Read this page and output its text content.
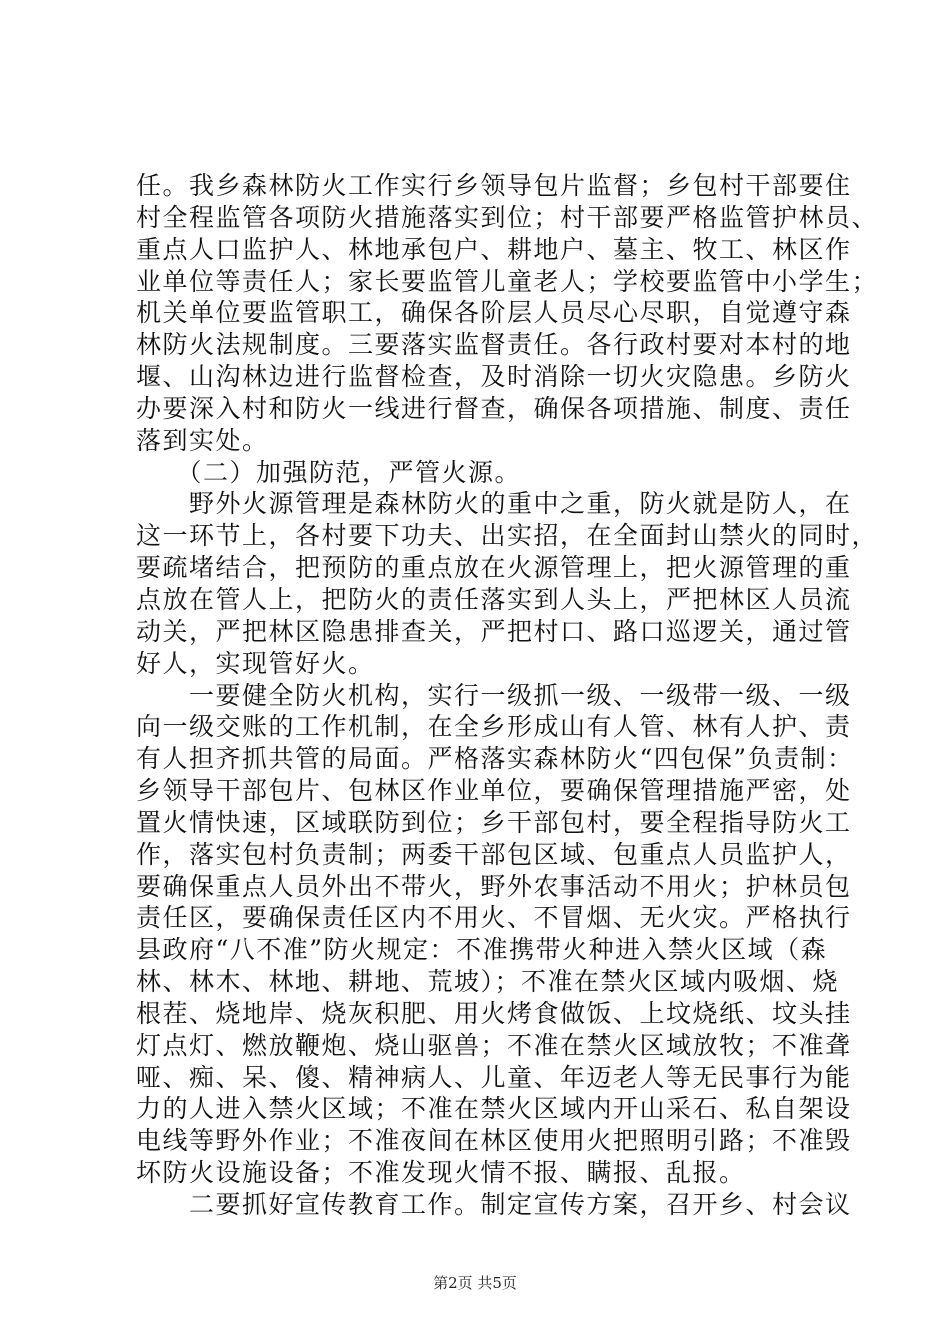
任。我乡森林防火工作实行乡领导包片监督；乡包村干部要住
村全程监管各项防火措施落实到位；村干部要严格监管护林员、
重点人口监护人、林地承包户、耕地户、墓主、牧工、林区作
业单位等责任人；家长要监管儿童老人；学校要监管中小学生；
机关单位要监管职工，确保各阶层人员尽心尽职，自觉遵守森
林防火法规制度。三要落实监督责任。各行政村要对本村的地
堰、山沟林边进行监督检查，及时消除一切火灾隐患。乡防火
办要深入村和防火一线进行督查，确保各项措施、制度、责任
落到实处。
　　（二）加强防范，严管火源。
　　野外火源管理是森林防火的重中之重，防火就是防人，在
这一环节上，各村要下功夫、出实招，在全面封山禁火的同时，
要疏堵结合，把预防的重点放在火源管理上，把火源管理的重
点放在管人上，把防火的责任落实到人头上，严把林区人员流
动关，严把林区隐患排查关，严把村口、路口巡逻关，通过管
好人，实现管好火。
　　一要健全防火机构，实行一级抓一级、一级带一级、一级
向一级交账的工作机制，在全乡形成山有人管、林有人护、责
有人担齐抓共管的局面。严格落实森林防火“四包保”负责制：
乡领导干部包片、包林区作业单位，要确保管理措施严密，处
置火情快速，区域联防到位；乡干部包村，要全程指导防火工
作，落实包村负责制；两委干部包区域、包重点人员监护人，
要确保重点人员外出不带火，野外农事活动不用火；护林员包
责任区，要确保责任区内不用火、不冒烟、无火灾。严格执行
县政府“八不准”防火规定：不准携带火种进入禁火区域（森
林、林木、林地、耕地、荒坡）；不准在禁火区域内吸烟、烧
根茬、烧地岸、烧灰积肥、用火烤食做饭、上坟烧纸、坟头挂
灯点灯、燃放鞭炮、烧山驱兽；不准在禁火区域放牧；不准聋
哑、痴、呆、傻、精神病人、儿童、年迈老人等无民事行为能
力的人进入禁火区域；不准在禁火区域内开山采石、私自架设
电线等野外作业；不准夜间在林区使用火把照明引路；不准毁
坏防火设施设备；不准发现火情不报、瞒报、乱报。
　　二要抓好宣传教育工作。制定宣传方案，召开乡、村会议
第2页 共5页
